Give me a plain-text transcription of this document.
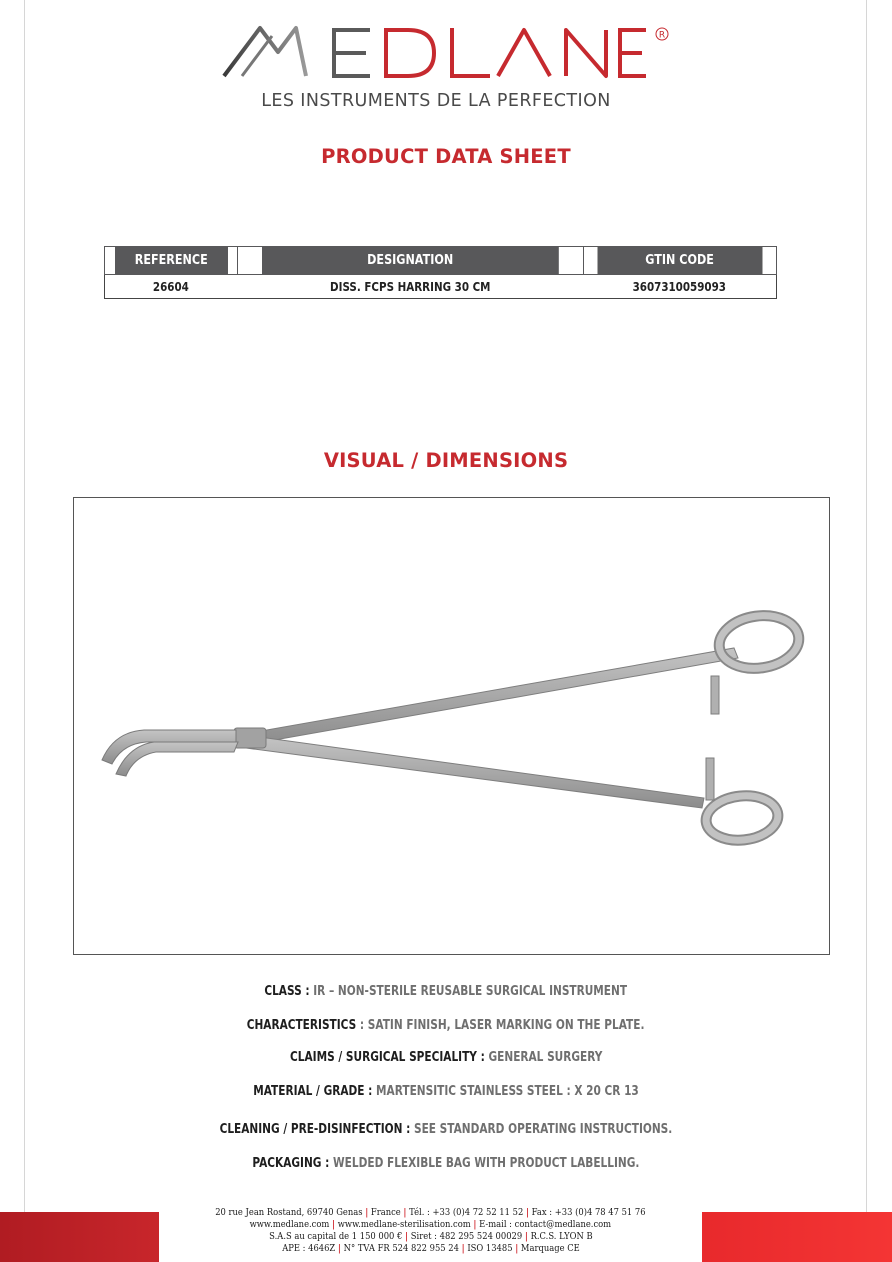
R
LES INSTRUMENTS DE LA PERFECTION
PRODUCT DATA SHEET
REFERENCE	DESIGNATION	GTIN CODE
26604	DISS. FCPS HARRING 30 CM	3607310059093
VISUAL / DIMENSIONS
CLASS : IR – NON-STERILE REUSABLE SURGICAL INSTRUMENT
CHARACTERISTICS : SATIN FINISH, LASER MARKING ON THE PLATE.
CLAIMS / SURGICAL SPECIALITY : GENERAL SURGERY
MATERIAL / GRADE : MARTENSITIC STAINLESS STEEL : X 20 CR 13
CLEANING / PRE-DISINFECTION : SEE STANDARD OPERATING INSTRUCTIONS.
PACKAGING : WELDED FLEXIBLE BAG WITH PRODUCT LABELLING.
20 rue Jean Rostand, 69740 Genas | France | Tél. : +33 (0)4 72 52 11 52 | Fax : +33 (0)4 78 47 51 76
www.medlane.com | www.medlane-sterilisation.com | E-mail : contact@medlane.com
S.A.S au capital de 1 150 000 € | Siret : 482 295 524 00029 | R.C.S. LYON B
APE : 4646Z | N° TVA FR 524 822 955 24 | ISO 13485 | Marquage CE
